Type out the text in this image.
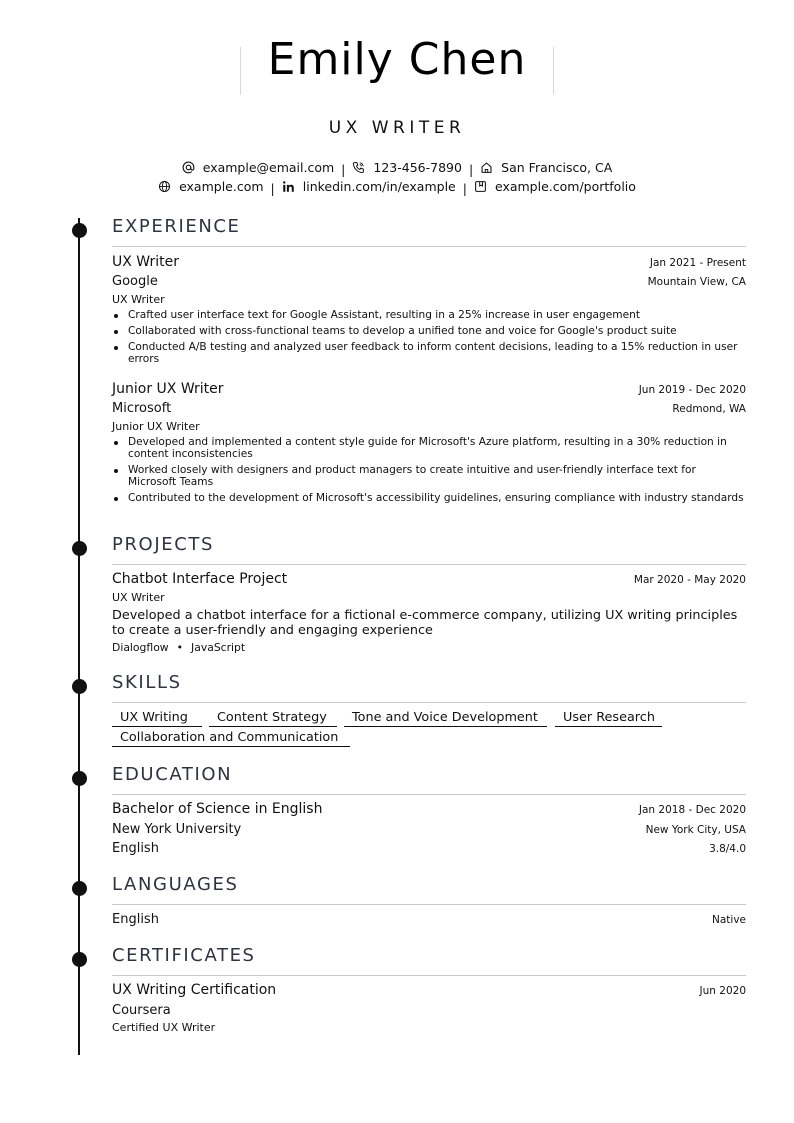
Emily Chen
UX WRITER
example@email.com | 123-456-7890 | San Francisco, CA
example.com | linkedin.com/in/example | example.com/portfolio
EXPERIENCE
UX Writer	Jan 2021 - Present
Google	Mountain View, CA
UX Writer
Crafted user interface text for Google Assistant, resulting in a 25% increase in user engagement
Collaborated with cross-functional teams to develop a unified tone and voice for Google's product suite
Conducted A/B testing and analyzed user feedback to inform content decisions, leading to a 15% reduction in user errors
Junior UX Writer	Jun 2019 - Dec 2020
Microsoft	Redmond, WA
Junior UX Writer
Developed and implemented a content style guide for Microsoft's Azure platform, resulting in a 30% reduction in content inconsistencies
Worked closely with designers and product managers to create intuitive and user-friendly interface text for Microsoft Teams
Contributed to the development of Microsoft's accessibility guidelines, ensuring compliance with industry standards
PROJECTS
Chatbot Interface Project	Mar 2020 - May 2020
UX Writer
Developed a chatbot interface for a fictional e-commerce company, utilizing UX writing principles to create a user-friendly and engaging experience
Dialogflow • JavaScript
SKILLS
UX Writing	Content Strategy	Tone and Voice Development	User Research
Collaboration and Communication
EDUCATION
Bachelor of Science in English	Jan 2018 - Dec 2020
New York University	New York City, USA
English	3.8/4.0
LANGUAGES
English	Native
CERTIFICATES
UX Writing Certification	Jun 2020
Coursera
Certified UX Writer
